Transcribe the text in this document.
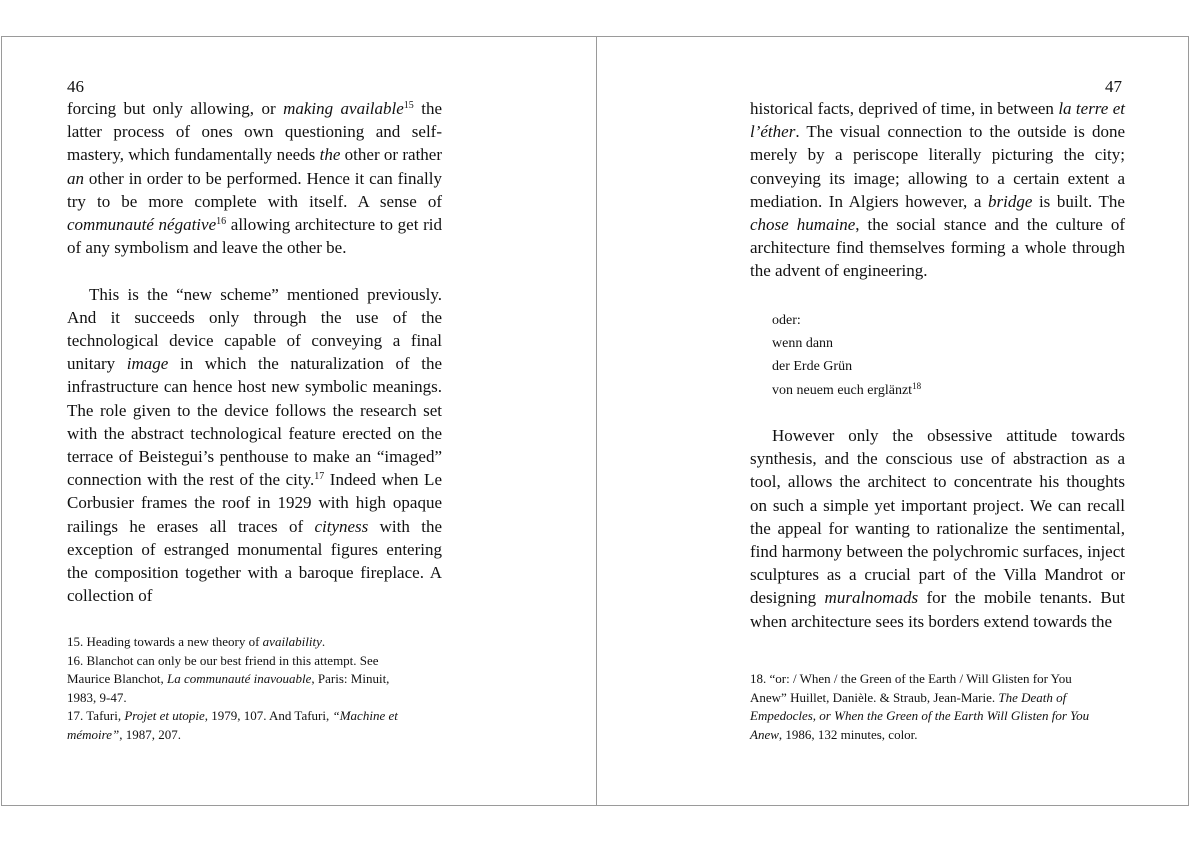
46

forcing but only allowing, or making available$^{15}$ the latter process of ones own questioning and self-mastery, which fundamentally needs the other or rather an other in order to be performed. Hence it can finally try to be more complete with itself. A sense of communauté négative$^{16}$ allowing architecture to get rid of any symbolism and leave the other be.

This is the “new scheme” mentioned previously. And it succeeds only through the use of the technological device capable of conveying a final unitary image in which the naturalization of the infrastructure can hence host new symbolic meanings. The role given to the device follows the research set with the abstract technological feature erected on the terrace of Beistegui’s penthouse to make an “imaged” connection with the rest of the city.$^{17}$ Indeed when Le Corbusier frames the roof in 1929 with high opaque railings he erases all traces of cityness with the exception of estranged monumental figures entering the composition together with a baroque fireplace. A collection of

15. Heading towards a new theory of availability.
16. Blanchot can only be our best friend in this attempt. See
Maurice Blanchot, La communauté inavouable, Paris: Minuit,
1983, 9-47.
17. Tafuri, Projet et utopie, 1979, 107. And Tafuri, “Machine et
mémoire”, 1987, 207.
47

historical facts, deprived of time, in between la terre et l’éther. The visual connection to the outside is done merely by a periscope literally picturing the city; conveying its image; allowing to a certain extent a mediation. In Algiers however, a bridge is built. The chose humaine, the social stance and the culture of architecture find themselves forming a whole through the advent of engineering.

oder:
wenn dann
der Erde Grün
von neuem euch erglänzt$^{18}$

However only the obsessive attitude towards synthesis, and the conscious use of abstraction as a tool, allows the architect to concentrate his thoughts on such a simple yet important project. We can recall the appeal for wanting to rationalize the sentimental, find harmony between the polychromic surfaces, inject sculptures as a crucial part of the Villa Mandrot or designing muralnomads for the mobile tenants. But when architecture sees its borders extend towards the

18. “or: / When / the Green of the Earth / Will Glisten for You
Anew” Huillet, Danièle. & Straub, Jean-Marie. The Death of
Empedocles, or When the Green of the Earth Will Glisten for You
Anew, 1986, 132 minutes, color.
